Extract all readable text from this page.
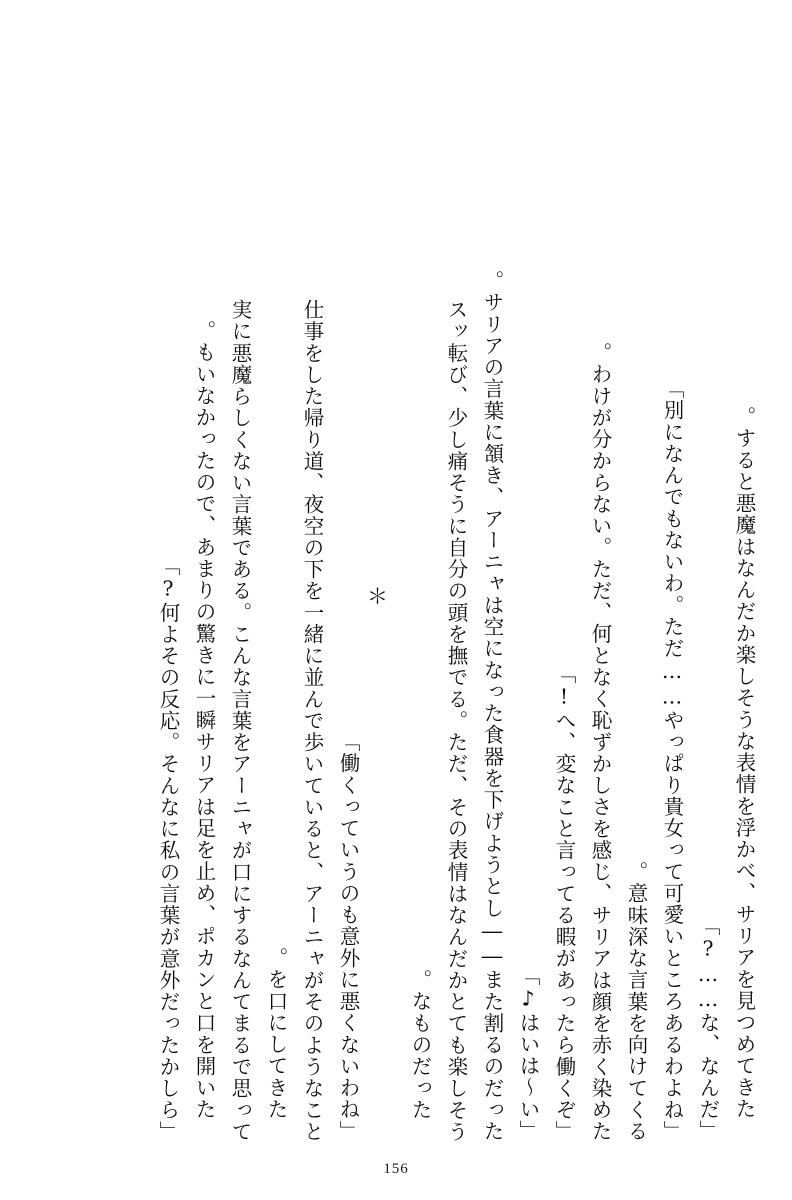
すると悪魔はなんだか楽しそうな表情を浮かべ、サリアを見つめてきた。
「な、なんだ……?」
「別になんでもないわ。ただ……やっぱり貴女って可愛いところあるわよね」
意味深な言葉を向けてくる。
わけが分からない。ただ、何となく恥ずかしさを感じ、サリアは顔を赤く染めた。
「へ、変なこと言ってる暇があったら働くぞ!」
「はいは～い♪」
サリアの言葉に頷き、アーニャは空になった食器を下げようとし――また割るのだった。
スッ転び、少し痛そうに自分の頭を撫でる。ただ、その表情はなんだかとても楽しそう
なものだった。
＊
「働くっていうのも意外に悪くないわね」
仕事をした帰り道、夜空の下を一緒に並んで歩いていると、アーニャがそのようなこと
を口にしてきた。
実に悪魔らしくない言葉である。こんな言葉をアーニャが口にするなんてまるで思って
もいなかったので、あまりの驚きに一瞬サリアは足を止め、ポカンと口を開いた。
「何よその反応。そんなに私の言葉が意外だったかしら?」
156
